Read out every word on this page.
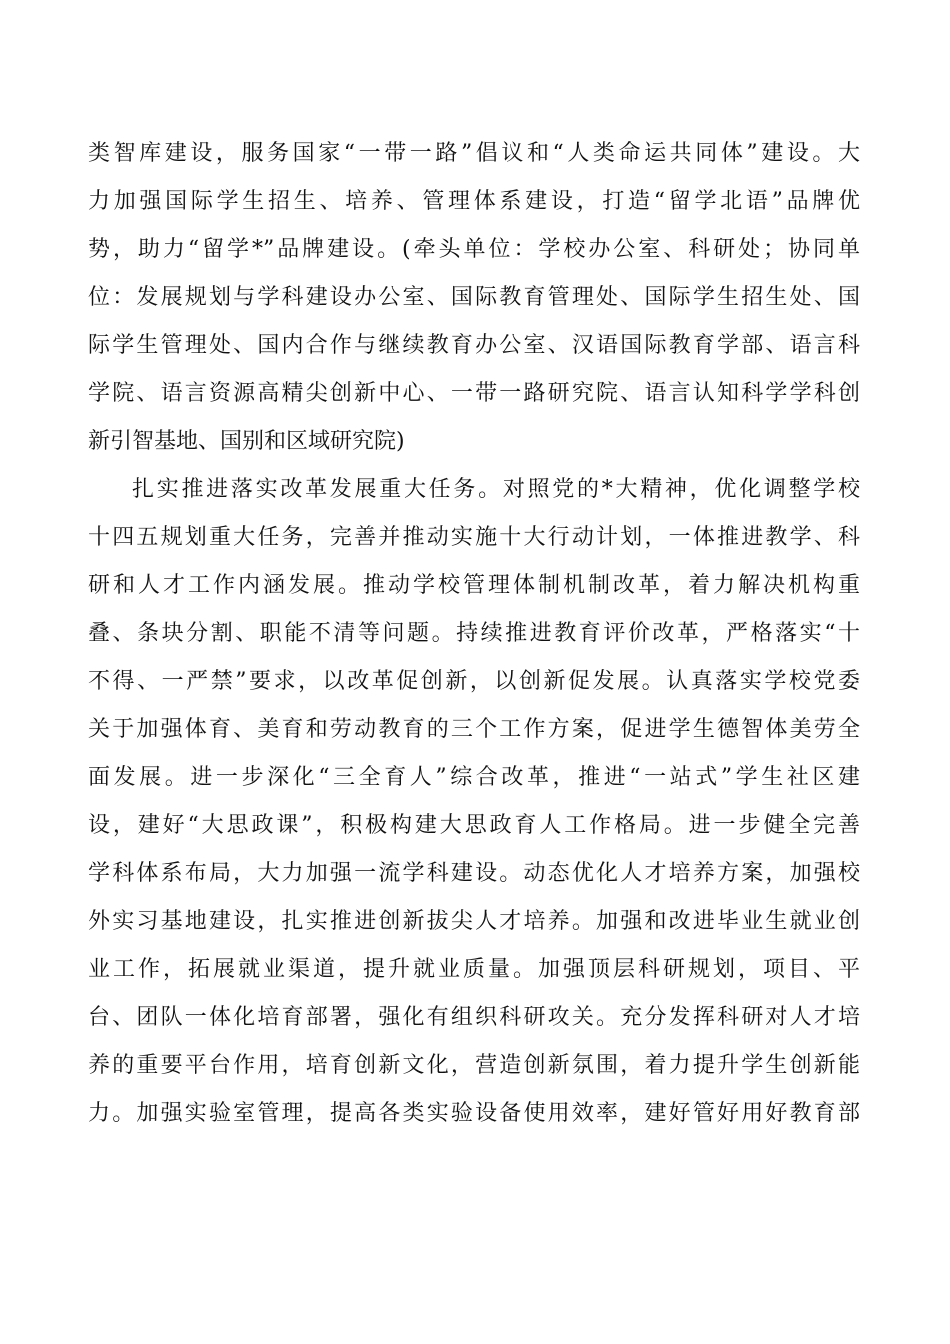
类智库建设，服务国家“一带一路”倡议和“人类命运共同体”建设。大
力加强国际学生招生、培养、管理体系建设，打造“留学北语”品牌优
势，助力“留学*”品牌建设。(牵头单位：学校办公室、科研处；协同单
位：发展规划与学科建设办公室、国际教育管理处、国际学生招生处、国
际学生管理处、国内合作与继续教育办公室、汉语国际教育学部、语言科
学院、语言资源高精尖创新中心、一带一路研究院、语言认知科学学科创
新引智基地、国别和区域研究院)
扎实推进落实改革发展重大任务。对照党的*大精神，优化调整学校
十四五规划重大任务，完善并推动实施十大行动计划，一体推进教学、科
研和人才工作内涵发展。推动学校管理体制机制改革，着力解决机构重
叠、条块分割、职能不清等问题。持续推进教育评价改革，严格落实“十
不得、一严禁”要求，以改革促创新，以创新促发展。认真落实学校党委
关于加强体育、美育和劳动教育的三个工作方案，促进学生德智体美劳全
面发展。进一步深化“三全育人”综合改革，推进“一站式”学生社区建
设，建好“大思政课”，积极构建大思政育人工作格局。进一步健全完善
学科体系布局，大力加强一流学科建设。动态优化人才培养方案，加强校
外实习基地建设，扎实推进创新拔尖人才培养。加强和改进毕业生就业创
业工作，拓展就业渠道，提升就业质量。加强顶层科研规划，项目、平
台、团队一体化培育部署，强化有组织科研攻关。充分发挥科研对人才培
养的重要平台作用，培育创新文化，营造创新氛围，着力提升学生创新能
力。加强实验室管理，提高各类实验设备使用效率，建好管好用好教育部
